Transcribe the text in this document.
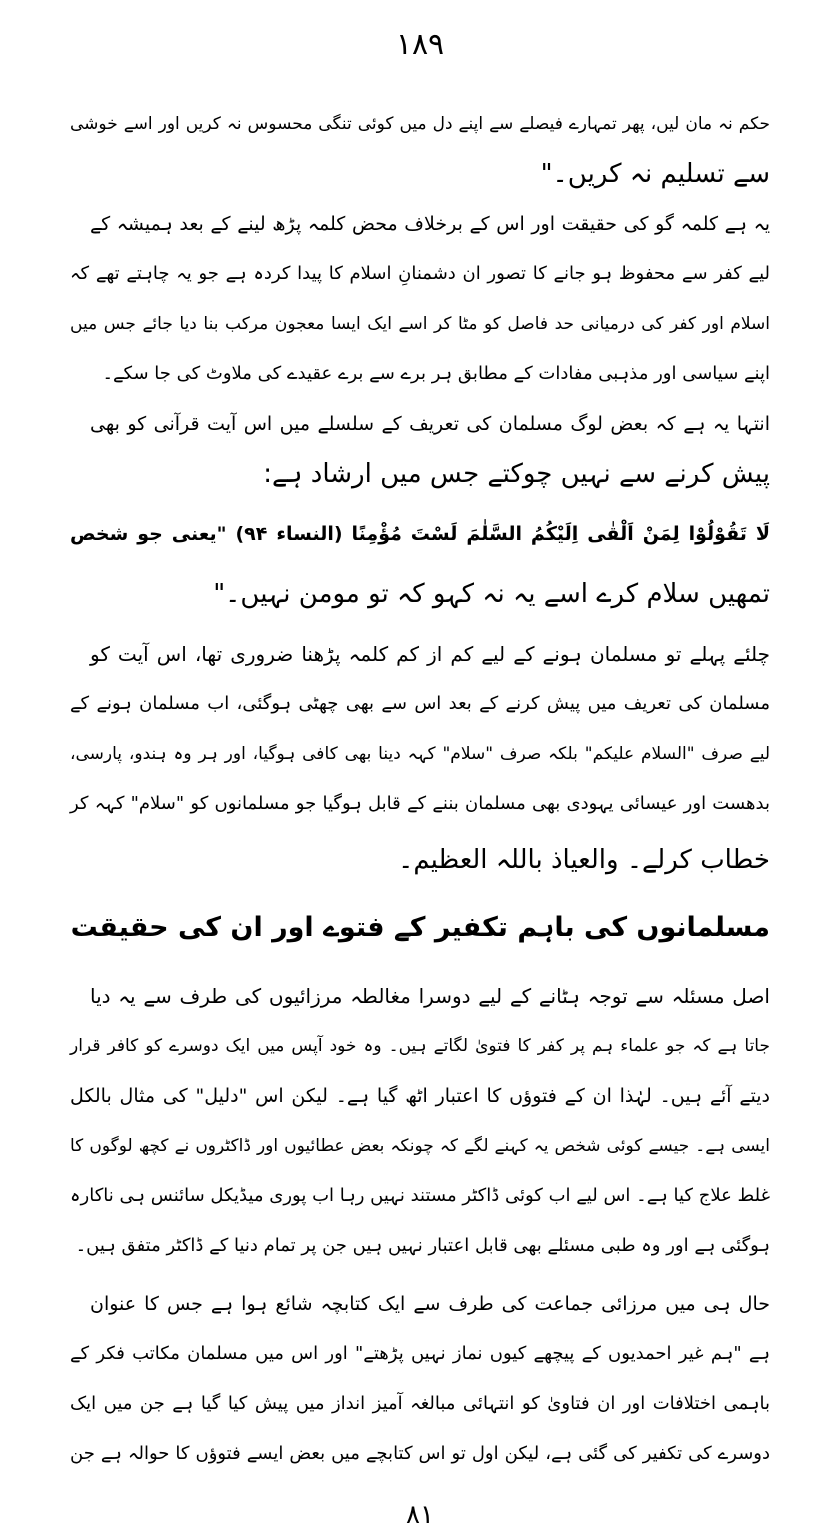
۱۸۹
حکم نہ مان لیں، پھر تمہارے فیصلے سے اپنے دل میں کوئی تنگی محسوس نہ کریں اور اسے خوشی
سے تسلیم نہ کریں۔"
یہ ہے کلمہ گو کی حقیقت اور اس کے برخلاف محض کلمہ پڑھ لینے کے بعد ہمیشہ کے
لیے کفر سے محفوظ ہو جانے کا تصور ان دشمنانِ اسلام کا پیدا کردہ ہے جو یہ چاہتے تھے کہ
اسلام اور کفر کی درمیانی حد فاصل کو مٹا کر اسے ایک ایسا معجون مرکب بنا دیا جائے جس میں
اپنے سیاسی اور مذہبی مفادات کے مطابق ہر برے سے برے عقیدے کی ملاوٹ کی جا سکے۔
انتہا یہ ہے کہ بعض لوگ مسلمان کی تعریف کے سلسلے میں اس آیت قرآنی کو بھی
پیش کرنے سے نہیں چوکتے جس میں ارشاد ہے:
لَا تَقُوْلُوْا لِمَنْ اَلْقٰی اِلَیْکُمُ السَّلٰمَ لَسْتَ مُؤْمِنًا (النساء ۹۴) "یعنی جو شخص
تمھیں سلام کرے اسے یہ نہ کہو کہ تو مومن نہیں۔"
چلئے پہلے تو مسلمان ہونے کے لیے کم از کم کلمہ پڑھنا ضروری تھا، اس آیت کو
مسلمان کی تعریف میں پیش کرنے کے بعد اس سے بھی چھٹی ہوگئی، اب مسلمان ہونے کے
لیے صرف "السلام علیکم" بلکہ صرف "سلام" کہہ دینا بھی کافی ہوگیا، اور ہر وہ ہندو، پارسی،
بدھست اور عیسائی یہودی بھی مسلمان بننے کے قابل ہوگیا جو مسلمانوں کو "سلام" کہہ کر
خطاب کرلے۔ والعیاذ باللہ العظیم۔
مسلمانوں کی باہم تکفیر کے فتوے اور ان کی حقیقت
اصل مسئلہ سے توجہ ہٹانے کے لیے دوسرا مغالطہ مرزائیوں کی طرف سے یہ دیا
جاتا ہے کہ جو علماء ہم پر کفر کا فتویٰ لگاتے ہیں۔ وہ خود آپس میں ایک دوسرے کو کافر قرار
دیتے آئے ہیں۔ لہٰذا ان کے فتوؤں کا اعتبار اٹھ گیا ہے۔ لیکن اس "دلیل" کی مثال بالکل
ایسی ہے۔ جیسے کوئی شخص یہ کہنے لگے کہ چونکہ بعض عطائیوں اور ڈاکٹروں نے کچھ لوگوں کا
غلط علاج کیا ہے۔ اس لیے اب کوئی ڈاکٹر مستند نہیں رہا اب پوری میڈیکل سائنس ہی ناکارہ
ہوگئی ہے اور وہ طبی مسئلے بھی قابل اعتبار نہیں ہیں جن پر تمام دنیا کے ڈاکٹر متفق ہیں۔
حال ہی میں مرزائی جماعت کی طرف سے ایک کتابچہ شائع ہوا ہے جس کا عنوان
ہے "ہم غیر احمدیوں کے پیچھے کیوں نماز نہیں پڑھتے" اور اس میں مسلمان مکاتب فکر کے
باہمی اختلافات اور ان فتاویٰ کو انتہائی مبالغہ آمیز انداز میں پیش کیا گیا ہے جن میں ایک
دوسرے کی تکفیر کی گئی ہے، لیکن اول تو اس کتابچے میں بعض ایسے فتوؤں کا حوالہ ہے جن
۸۱
